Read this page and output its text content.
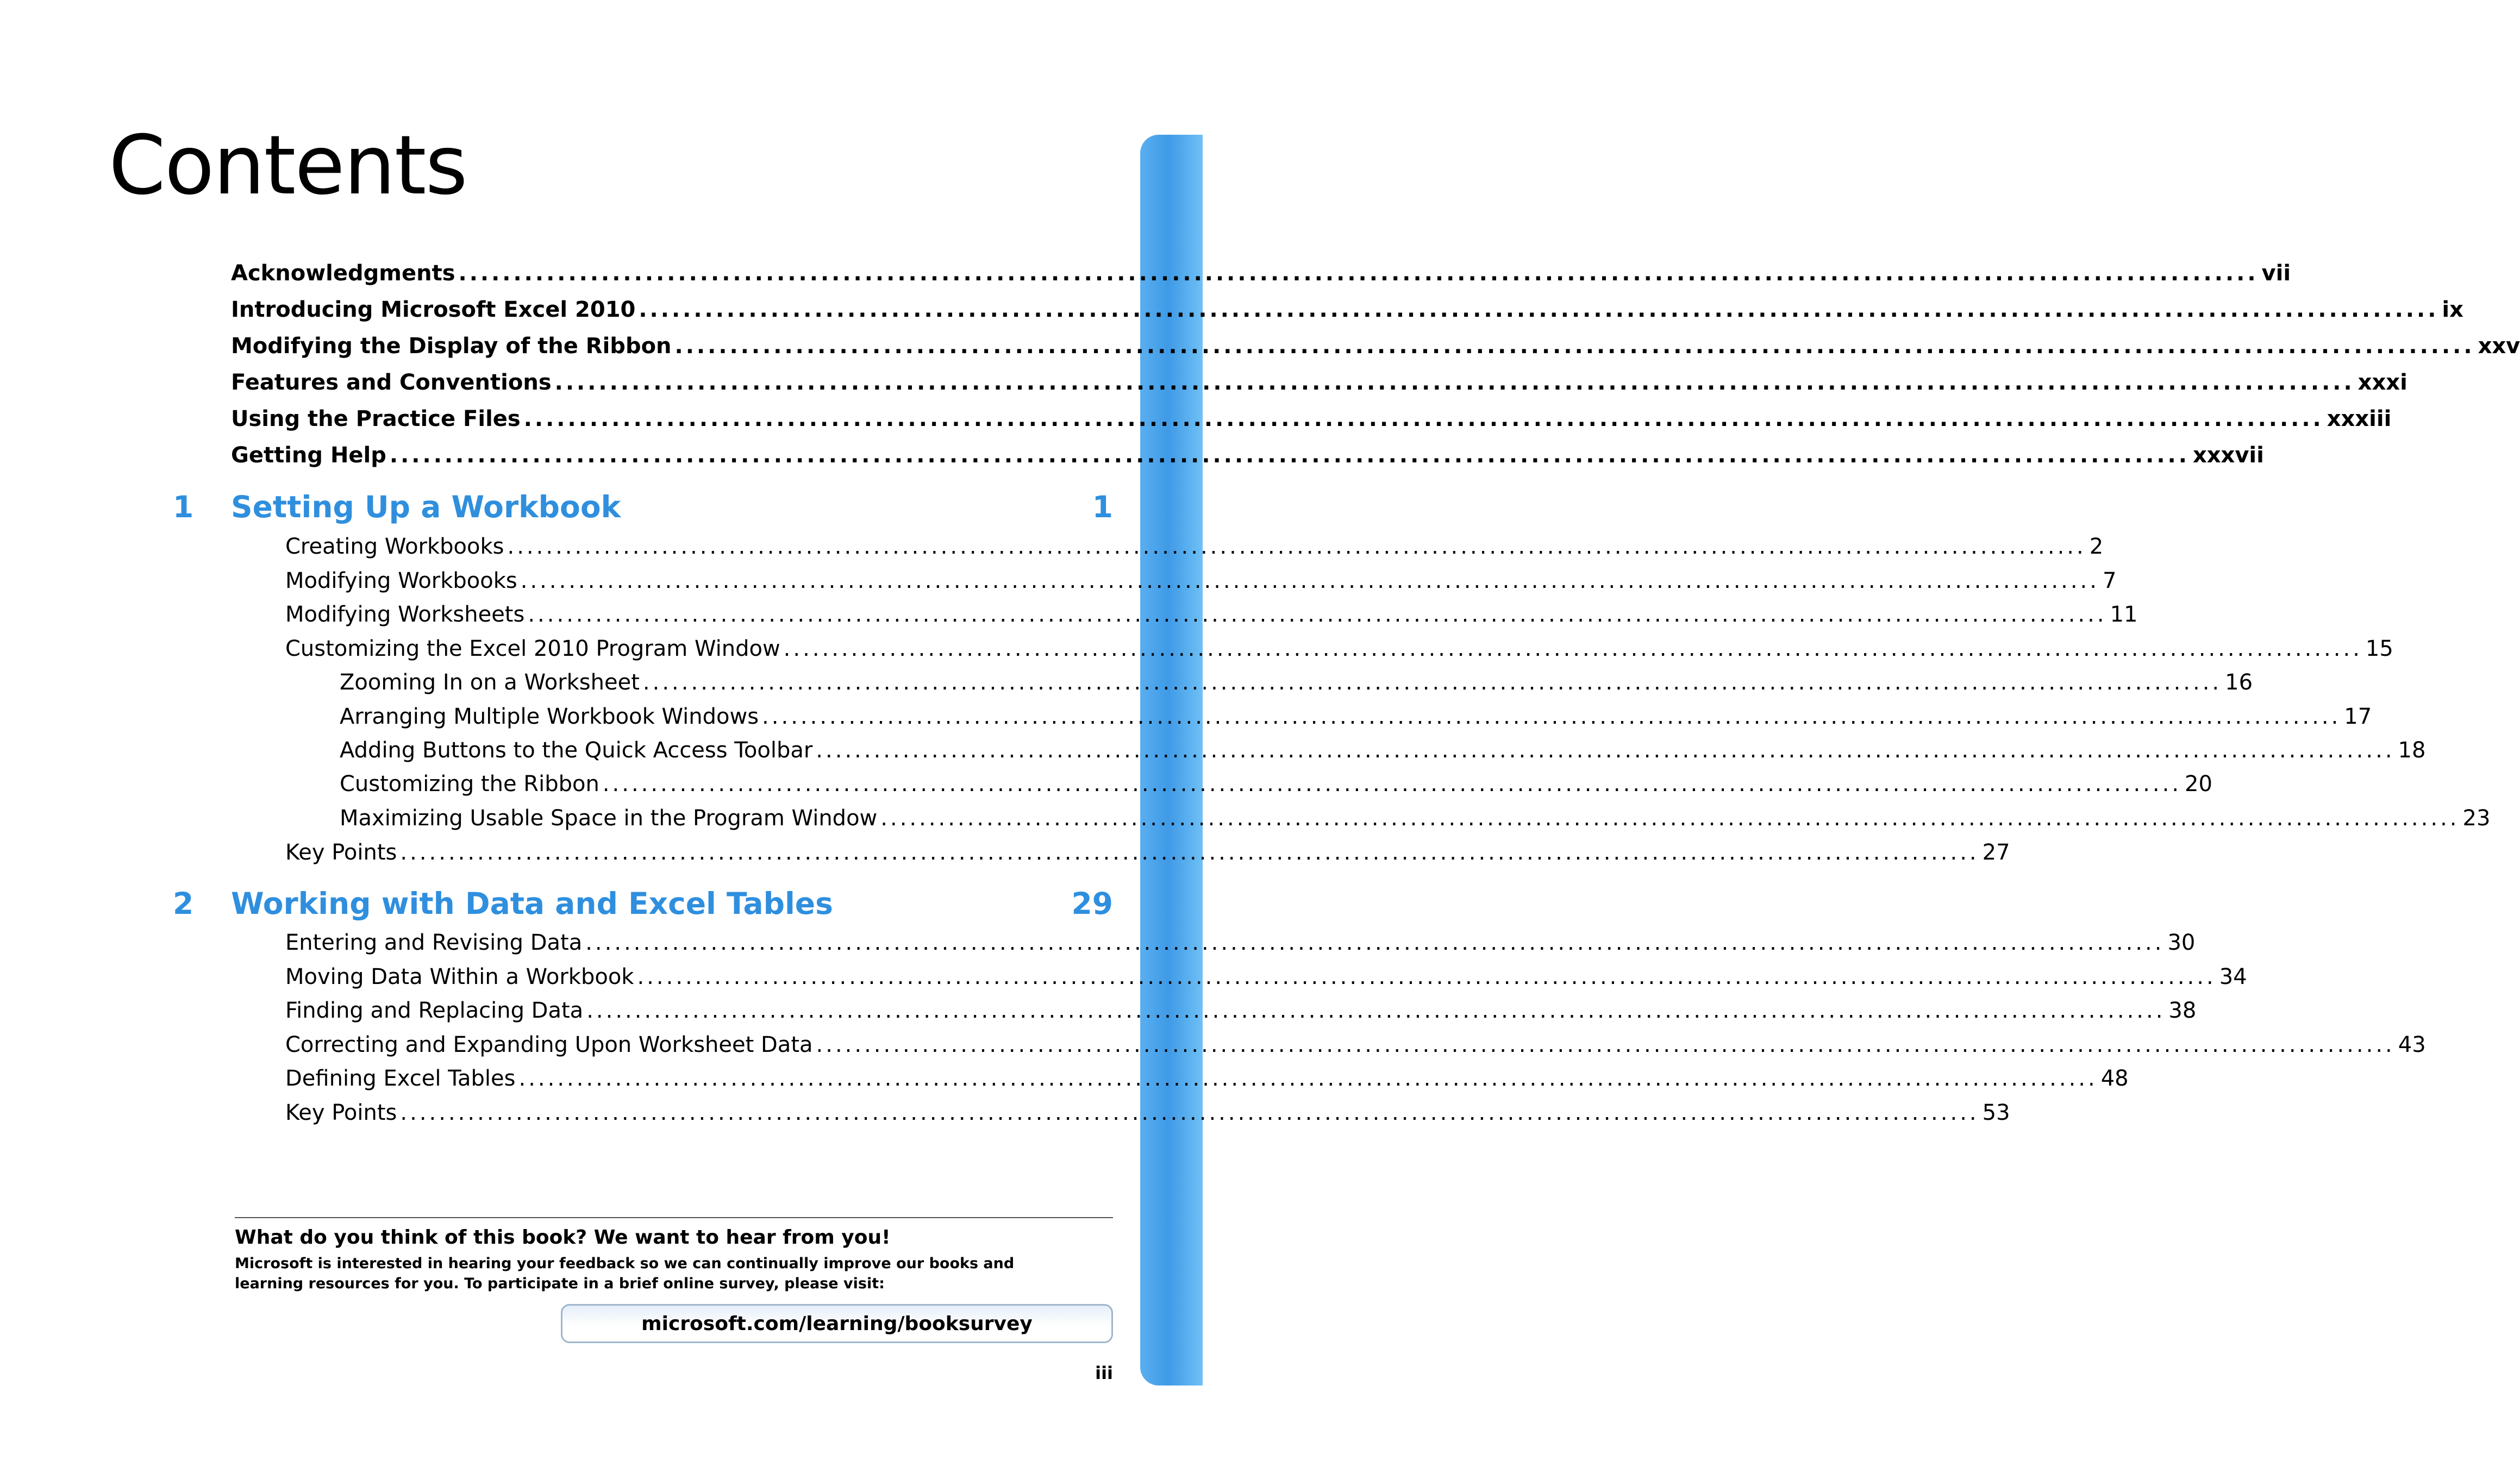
Contents
Acknowledgments .................................................................................................................................................................... vii
Introducing Microsoft Excel 2010 .................................................................................................................................................................... ix
Modifying the Display of the Ribbon .................................................................................................................................................................... xxv
Features and Conventions .................................................................................................................................................................... xxxi
Using the Practice Files .................................................................................................................................................................... xxxiii
Getting Help .................................................................................................................................................................... xxxvii
1 Setting Up a Workbook	1
Creating Workbooks .................................................................................................................................................................... 2
Modifying Workbooks .................................................................................................................................................................... 7
Modifying Worksheets .................................................................................................................................................................... 11
Customizing the Excel 2010 Program Window .................................................................................................................................................................... 15
Zooming In on a Worksheet .................................................................................................................................................................... 16
Arranging Multiple Workbook Windows .................................................................................................................................................................... 17
Adding Buttons to the Quick Access Toolbar .................................................................................................................................................................... 18
Customizing the Ribbon .................................................................................................................................................................... 20
Maximizing Usable Space in the Program Window .................................................................................................................................................................... 23
Key Points .................................................................................................................................................................... 27
2 Working with Data and Excel Tables	29
Entering and Revising Data .................................................................................................................................................................... 30
Moving Data Within a Workbook .................................................................................................................................................................... 34
Finding and Replacing Data .................................................................................................................................................................... 38
Correcting and Expanding Upon Worksheet Data .................................................................................................................................................................... 43
Defining Excel Tables .................................................................................................................................................................... 48
Key Points .................................................................................................................................................................... 53

What do you think of this book? We want to hear from you!

Microsoft is interested in hearing your feedback so we can continually improve our books and learning resources for you. To participate in a brief online survey, please visit:

microsoft.com/learning/booksurvey
iii
